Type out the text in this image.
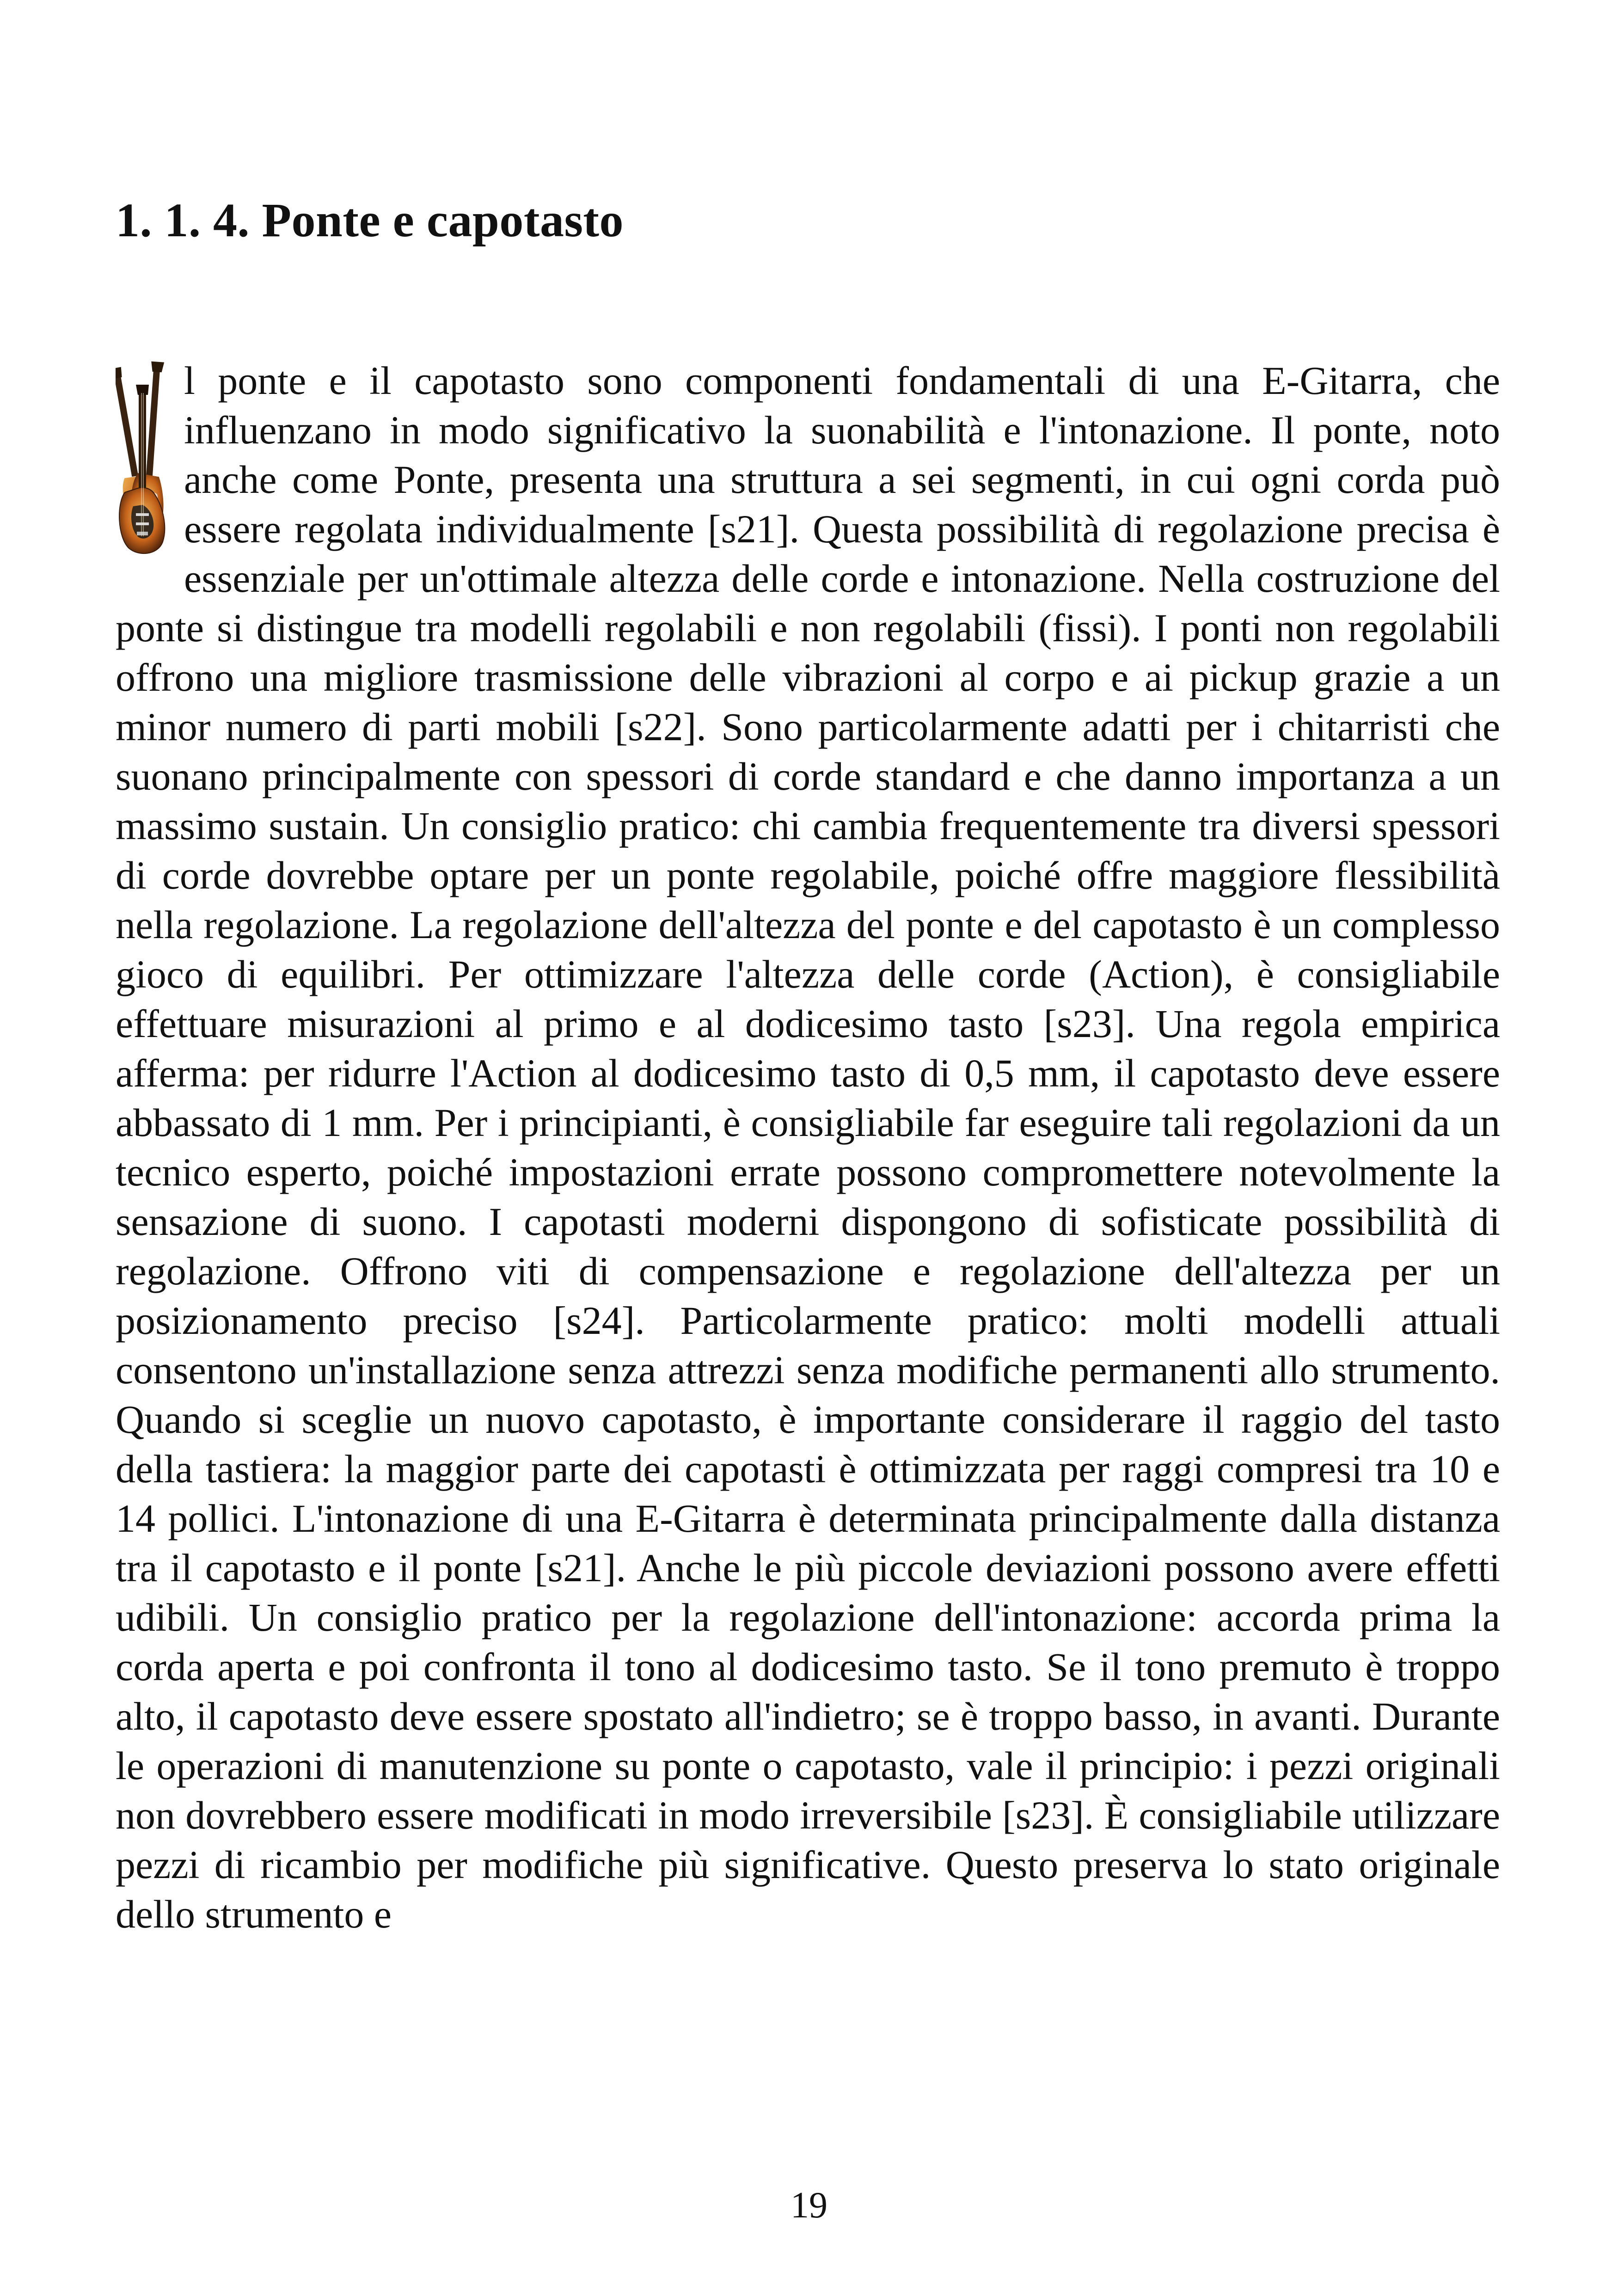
1. 1. 4. Ponte e capotasto

l ponte e il capotasto sono componenti fondamentali di una E-Gitarra, che influenzano in modo significativo la suonabilità e l'intonazione. Il ponte, noto anche come Ponte, presenta una struttura a sei segmenti, in cui ogni corda può essere regolata individualmente [s21]. Questa possibilità di regolazione precisa è essenziale per un'ottimale altezza delle corde e intonazione. Nella costruzione del ponte si distingue tra modelli regolabili e non regolabili (fissi). I ponti non regolabili offrono una migliore trasmissione delle vibrazioni al corpo e ai pickup grazie a un minor numero di parti mobili [s22]. Sono particolarmente adatti per i chitarristi che suonano principalmente con spessori di corde standard e che danno importanza a un massimo sustain. Un consiglio pratico: chi cambia frequentemente tra diversi spessori di corde dovrebbe optare per un ponte regolabile, poiché offre maggiore flessibilità nella regolazione. La regolazione dell'altezza del ponte e del capotasto è un complesso gioco di equilibri. Per ottimizzare l'altezza delle corde (Action), è consigliabile effettuare misurazioni al primo e al dodicesimo tasto [s23]. Una regola empirica afferma: per ridurre l'Action al dodicesimo tasto di 0,5 mm, il capotasto deve essere abbassato di 1 mm. Per i principianti, è consigliabile far eseguire tali regolazioni da un tecnico esperto, poiché impostazioni errate possono compromettere notevolmente la sensazione di suono. I capotasti moderni dispongono di sofisticate possibilità di regolazione. Offrono viti di compensazione e regolazione dell'altezza per un posizionamento preciso [s24]. Particolarmente pratico: molti modelli attuali consentono un'installazione senza attrezzi senza modifiche permanenti allo strumento. Quando si sceglie un nuovo capotasto, è importante considerare il raggio del tasto della tastiera: la maggior parte dei capotasti è ottimizzata per raggi compresi tra 10 e 14 pollici. L'intonazione di una E-Gitarra è determinata principalmente dalla distanza tra il capotasto e il ponte [s21]. Anche le più piccole deviazioni possono avere effetti udibili. Un consiglio pratico per la regolazione dell'intonazione: accorda prima la corda aperta e poi confronta il tono al dodicesimo tasto. Se il tono premuto è troppo alto, il capotasto deve essere spostato all'indietro; se è troppo basso, in avanti. Durante le operazioni di manutenzione su ponte o capotasto, vale il principio: i pezzi originali non dovrebbero essere modificati in modo irreversibile [s23]. È consigliabile utilizzare pezzi di ricambio per modifiche più significative. Questo preserva lo stato originale dello strumento e

19
